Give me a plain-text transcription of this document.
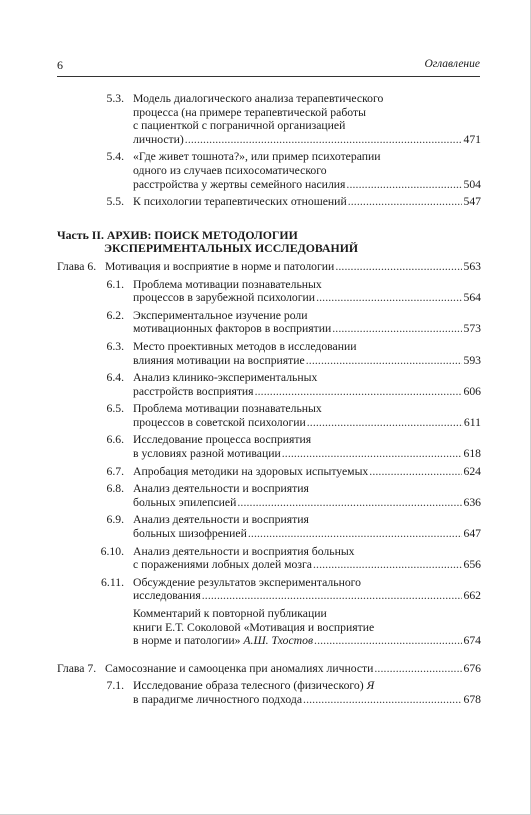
6	Оглавление
5.3. Модель диалогического анализа терапевтического
процесса (на примере терапевтической работы
с пациенткой с пограничной организацией
личности) . . .	471
5.4. «Где живет тошнота?», или пример психотерапии
одного из случаев психосоматического
расстройства у жертвы семейного насилия . . .	504
5.5. К психологии терапевтических отношений . . .	547
Часть II. АРХИВ: ПОИСК МЕТОДОЛОГИИ
ЭКСПЕРИМЕНТАЛЬНЫХ ИССЛЕДОВАНИЙ
Глава 6. Мотивация и восприятие в норме и патологии . . .	563
6.1. Проблема мотивации познавательных
процессов в зарубежной психологии . . .	564
6.2. Экспериментальное изучение роли
мотивационных факторов в восприятии . . .	573
6.3. Место проективных методов в исследовании
влияния мотивации на восприятие . . .	593
6.4. Анализ клинико-экспериментальных
расстройств восприятия . . .	606
6.5. Проблема мотивации познавательных
процессов в советской психологии . . .	611
6.6. Исследование процесса восприятия
в условиях разной мотивации . . .	618
6.7. Апробация методики на здоровых испытуемых . . .	624
6.8. Анализ деятельности и восприятия
больных эпилепсией . . .	636
6.9. Анализ деятельности и восприятия
больных шизофренией . . .	647
6.10. Анализ деятельности и восприятия больных
с поражениями лобных долей мозга . . .	656
6.11. Обсуждение результатов экспериментального
исследования . . .	662
Комментарий к повторной публикации
книги Е.Т. Соколовой «Мотивация и восприятие
в норме и патологии» А.Ш. Тхостов . . .	674
Глава 7. Самосознание и самооценка при аномалиях личности . . .	676
7.1. Исследование образа телесного (физического) Я
в парадигме личностного подхода . . .	678
